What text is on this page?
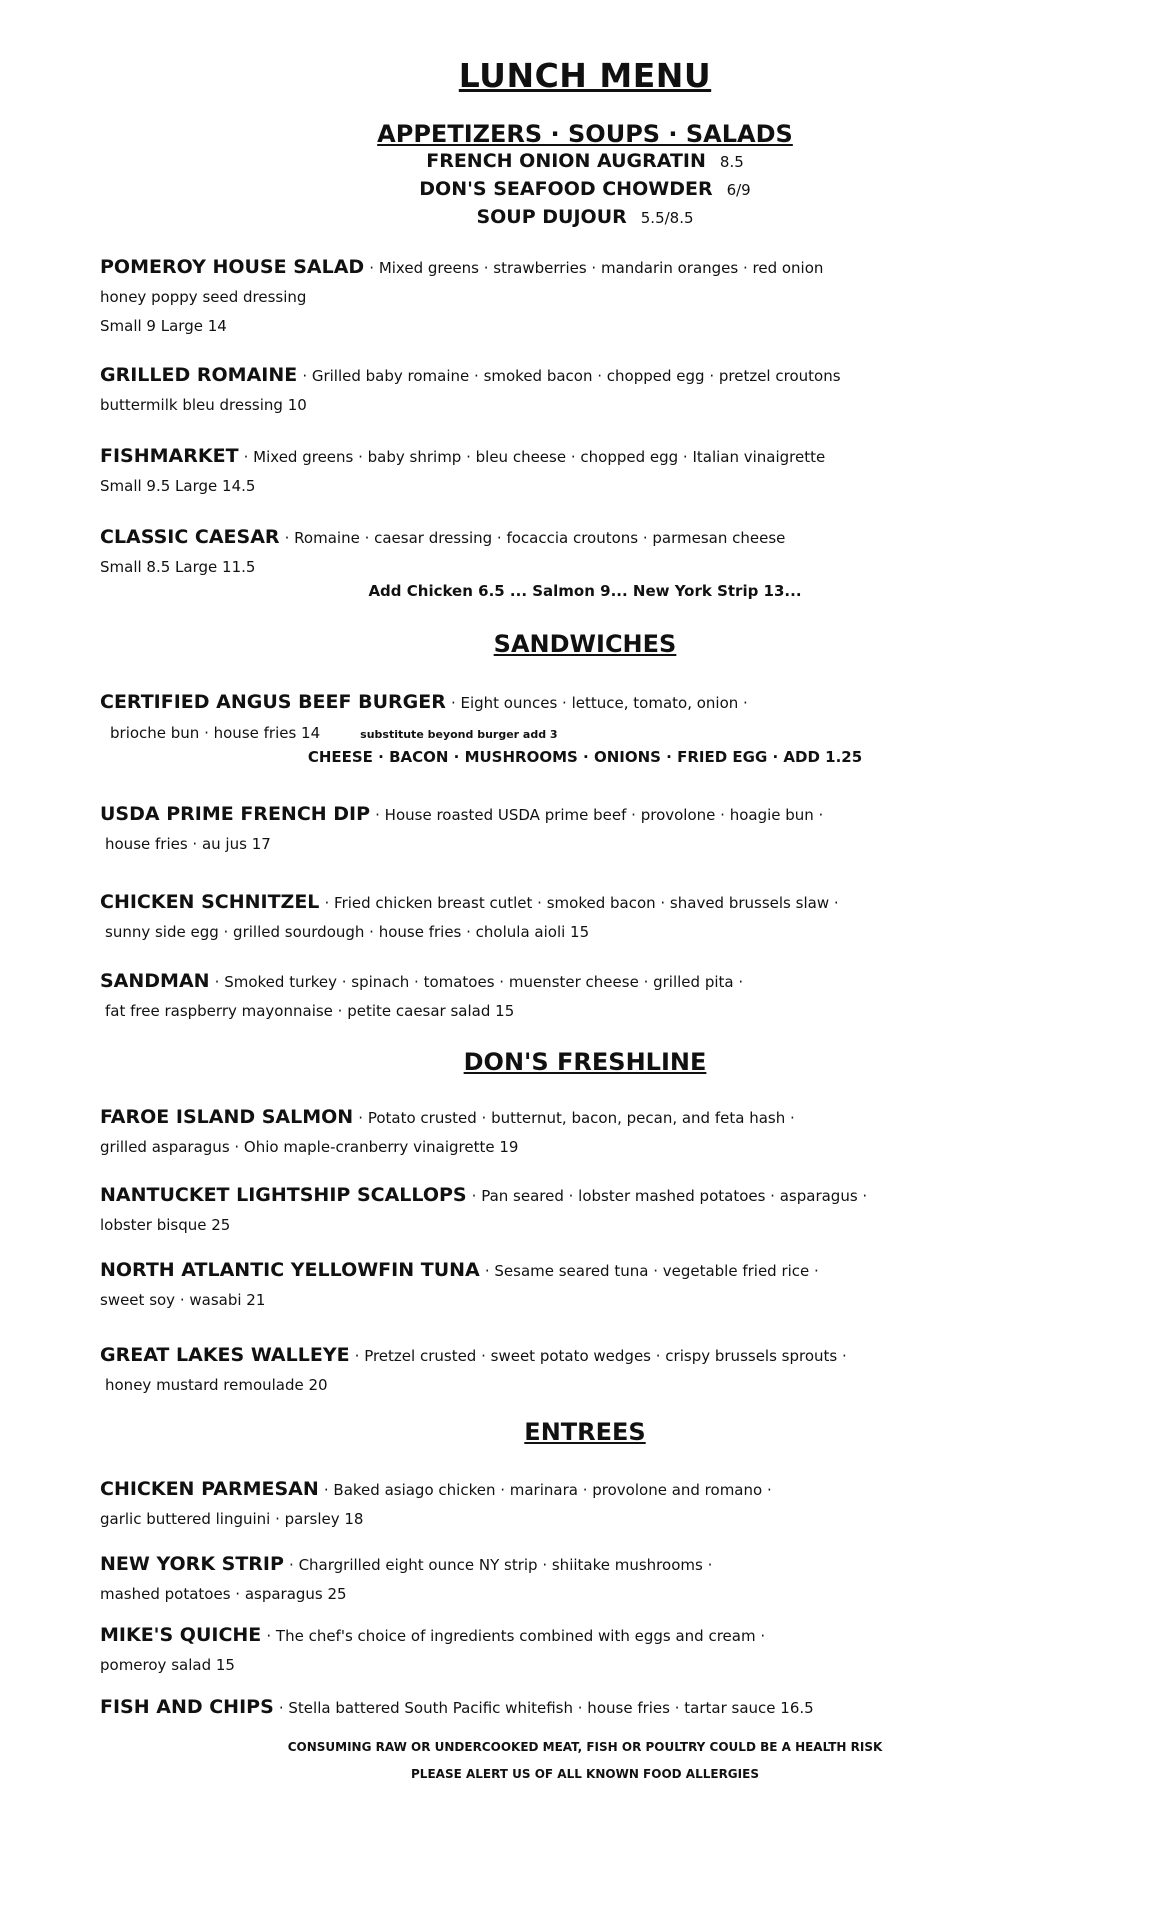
LUNCH MENU
APPETIZERS · SOUPS · SALADS
FRENCH ONION AUGRATIN 8.5
DON'S SEAFOOD CHOWDER 6/9
SOUP DUJOUR 5.5/8.5
POMEROY HOUSE SALAD · Mixed greens · strawberries · mandarin oranges · red onion
honey poppy seed dressing
Small 9 Large 14
GRILLED ROMAINE · Grilled baby romaine · smoked bacon · chopped egg · pretzel croutons
buttermilk bleu dressing 10
FISHMARKET · Mixed greens · baby shrimp · bleu cheese · chopped egg · Italian vinaigrette
Small 9.5 Large 14.5
CLASSIC CAESAR · Romaine · caesar dressing · focaccia croutons · parmesan cheese
Small 8.5 Large 11.5
Add Chicken 6.5 ... Salmon 9... New York Strip 13...
SANDWICHES
CERTIFIED ANGUS BEEF BURGER · Eight ounces · lettuce, tomato, onion ·
brioche bun · house fries 14	substitute beyond burger add 3
CHEESE · BACON · MUSHROOMS · ONIONS · FRIED EGG · ADD 1.25
USDA PRIME FRENCH DIP · House roasted USDA prime beef · provolone · hoagie bun ·
house fries · au jus 17
CHICKEN SCHNITZEL · Fried chicken breast cutlet · smoked bacon · shaved brussels slaw ·
sunny side egg · grilled sourdough · house fries · cholula aioli 15
SANDMAN · Smoked turkey · spinach · tomatoes · muenster cheese · grilled pita ·
fat free raspberry mayonnaise · petite caesar salad 15
DON'S FRESHLINE
FAROE ISLAND SALMON · Potato crusted · butternut, bacon, pecan, and feta hash ·
grilled asparagus · Ohio maple-cranberry vinaigrette 19
NANTUCKET LIGHTSHIP SCALLOPS · Pan seared · lobster mashed potatoes · asparagus ·
lobster bisque 25
NORTH ATLANTIC YELLOWFIN TUNA · Sesame seared tuna · vegetable fried rice ·
sweet soy · wasabi 21
GREAT LAKES WALLEYE · Pretzel crusted · sweet potato wedges · crispy brussels sprouts ·
honey mustard remoulade 20
ENTREES
CHICKEN PARMESAN · Baked asiago chicken · marinara · provolone and romano ·
garlic buttered linguini · parsley 18
NEW YORK STRIP · Chargrilled eight ounce NY strip · shiitake mushrooms ·
mashed potatoes · asparagus 25
MIKE'S QUICHE · The chef's choice of ingredients combined with eggs and cream ·
pomeroy salad 15
FISH AND CHIPS · Stella battered South Pacific whitefish · house fries · tartar sauce 16.5
CONSUMING RAW OR UNDERCOOKED MEAT, FISH OR POULTRY COULD BE A HEALTH RISK
PLEASE ALERT US OF ALL KNOWN FOOD ALLERGIES
